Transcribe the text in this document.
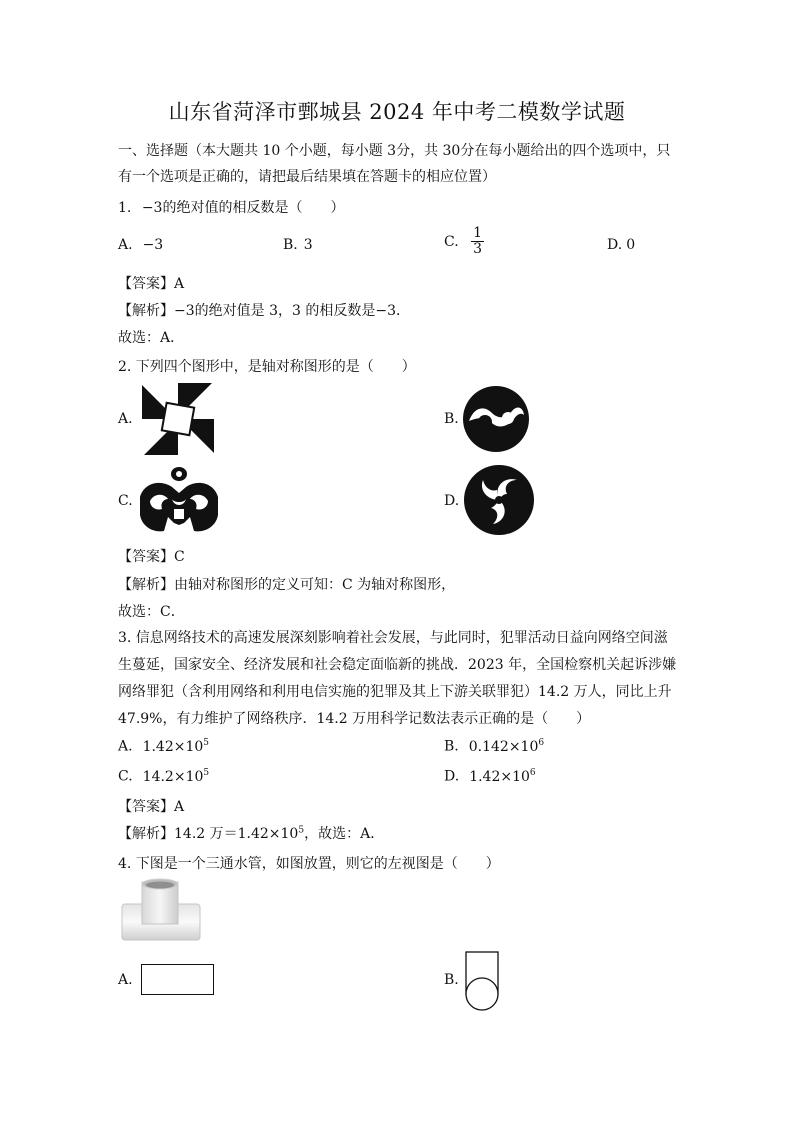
山东省菏泽市鄄城县 2024 年中考二模数学试题
一、选择题（本大题共 10 个小题，每小题 3分，共 30分在每小题给出的四个选项中，只
有一个选项是正确的，请把最后结果填在答题卡的相应位置）
1. −3的绝对值的相反数是（　　）
A. −3	B. 3	C. $\frac{1}{3}$	D. 0
【答案】A
【解析】−3的绝对值是 3，3 的相反数是−3．
故选：A．
2. 下列四个图形中，是轴对称图形的是（　　）
A.	B.
C.	D.
【答案】C
【解析】由轴对称图形的定义可知：C 为轴对称图形，
故选：C．
3. 信息网络技术的高速发展深刻影响着社会发展，与此同时，犯罪活动日益向网络空间滋
生蔓延，国家安全、经济发展和社会稳定面临新的挑战．2023 年，全国检察机关起诉涉嫌
网络罪犯（含利用网络和利用电信实施的犯罪及其上下游关联罪犯）14.2 万人，同比上升
47.9%，有力维护了网络秩序．14.2 万用科学记数法表示正确的是（　　）
A. $1.42\times 10^5$	B. $0.142\times 10^6$
C. $14.2\times 10^5$	D. $1.42\times 10^6$
【答案】A
【解析】14.2 万$=1.42\times 10^5$，故选：A．
4. 下图是一个三通水管，如图放置，则它的左视图是（　　）
A.	B.
